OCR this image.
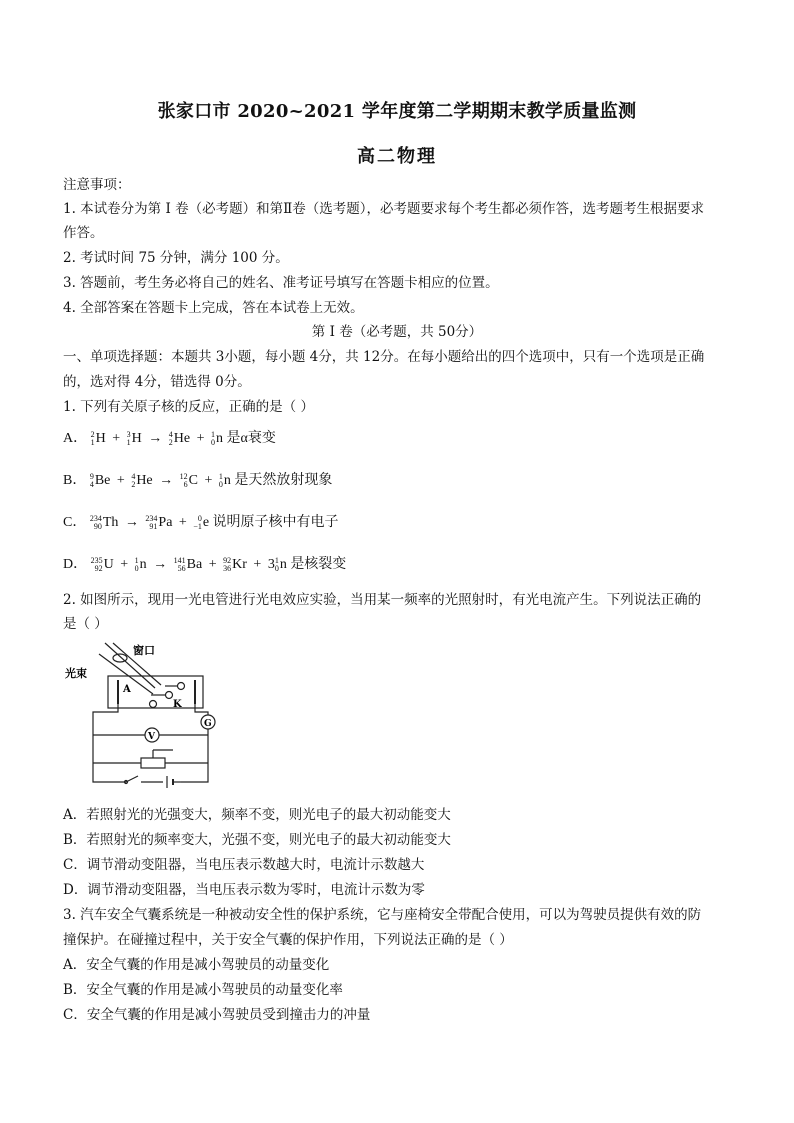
张家口市 2020~2021 学年度第二学期期末教学质量监测
高二物理
注意事项：
1. 本试卷分为第 I 卷（必考题）和第Ⅱ卷（选考题），必考题要求每个考生都必须作答，选考题考生根据要求
作答。
2. 考试时间 75 分钟，满分 100 分。
3. 答题前，考生务必将自己的姓名、准考证号填写在答题卡相应的位置。
4. 全部答案在答题卡上完成，答在本试卷上无效。
第 I 卷（必考题，共 50分）
一、单项选择题：本题共 3小题，每小题 4分，共 12分。在每小题给出的四个选项中，只有一个选项是正确
的，选对得 4分，错选得 0分。
1. 下列有关原子核的反应，正确的是（ ）
A． 2
1 H + 3
1 H → 4
2 He + 1
0 n 是α衰变
B． 9
4 Be + 4
2 He → 12
6 C + 1
0 n 是天然放射现象
C． 234
90 Th → 234
91 Pa +	0
−1 e 说明原子核中有电子
D． 235
92 U + 1
0 n → 141
56 Ba + 92
36 Kr + 3 1
0 n 是核裂变
2. 如图所示，现用一光电管进行光电效应实验，当用某一频率的光照射时，有光电流产生。下列说法正确的
是（ ）
窗口
光束
A
K
G
V
A．若照射光的光强变大，频率不变，则光电子的最大初动能变大
B．若照射光的频率变大，光强不变，则光电子的最大初动能变大
C．调节滑动变阻器，当电压表示数越大时，电流计示数越大
D．调节滑动变阻器，当电压表示数为零时，电流计示数为零
3. 汽车安全气囊系统是一种被动安全性的保护系统，它与座椅安全带配合使用，可以为驾驶员提供有效的防
撞保护。在碰撞过程中，关于安全气囊的保护作用，下列说法正确的是（ ）
A．安全气囊的作用是减小驾驶员的动量变化
B．安全气囊的作用是减小驾驶员的动量变化率
C．安全气囊的作用是减小驾驶员受到撞击力的冲量
